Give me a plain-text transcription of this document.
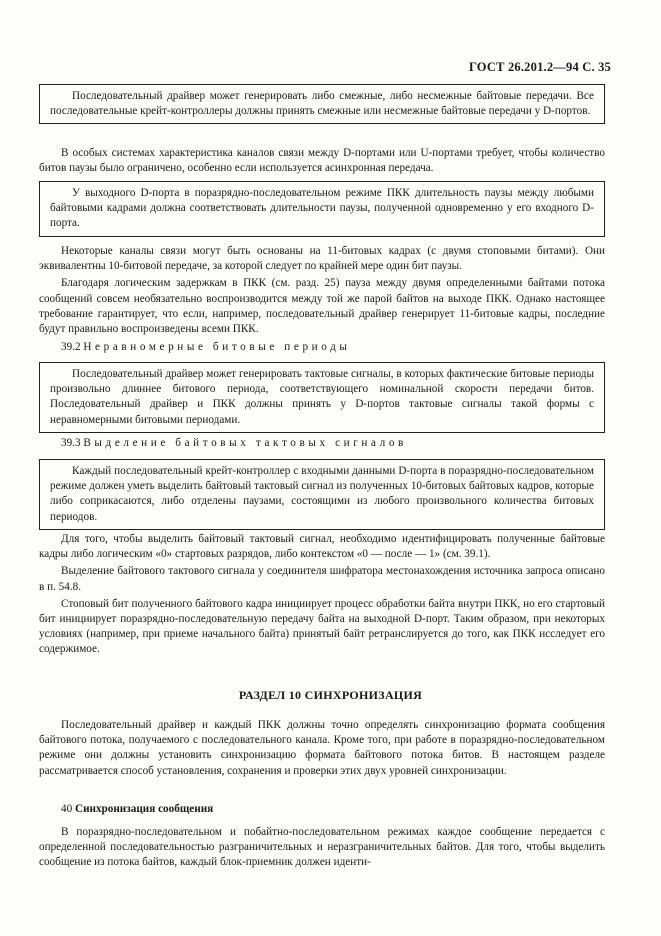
ГОСТ 26.201.2—94 С. 35

Последовательный драйвер может генерировать либо смежные, либо несмежные байтовые передачи. Все последовательные крейт-контроллеры должны принять смежные или несмежные байтовые передачи у D-портов.

В особых системах характеристика каналов связи между D-портами или U-портами требует, чтобы количество битов паузы было ограничено, особенно если используется асинхронная передача.

У выходного D-порта в поразрядно-последовательном режиме ПКК длительность паузы между любыми байтовыми кадрами должна соответствовать длительности паузы, полученной одновременно у его входного D-порта.

Некоторые каналы связи могут быть основаны на 11-битовых кадрах (с двумя стоповыми битами). Они эквивалентны 10-битовой передаче, за которой следует по крайней мере один бит паузы.

Благодаря логическим задержкам в ПКК (см. разд. 25) пауза между двумя определенными байтами потока сообщений совсем необязательно воспроизводится между той же парой байтов на выходе ПКК. Однако настоящее требование гарантирует, что если, например, последовательный драйвер генерирует 11-битовые кадры, последние будут правильно воспроизведены всеми ПКК.

39.2 Неравномерные битовые периоды

Последовательный драйвер может генерировать тактовые сигналы, в которых фактические битовые периоды произвольно длиннее битового периода, соответствующего номинальной скорости передачи битов. Последовательный драйвер и ПКК должны принять у D-портов тактовые сигналы такой формы с неравномерными битовыми периодами.

39.3 Выделение байтовых тактовых сигналов

Каждый последовательный крейт-контроллер с входными данными D-порта в поразрядно-последовательном режиме должен уметь выделить байтовый тактовый сигнал из полученных 10-битовых байтовых кадров, которые либо соприкасаются, либо отделены паузами, состоящими из любого произвольного количества битовых периодов.

Для того, чтобы выделить байтовый тактовый сигнал, необходимо идентифицировать полученные байтовые кадры либо логическим «0» стартовых разрядов, либо контекстом «0 — после — 1» (см. 39.1).

Выделение байтового тактового сигнала у соединителя шифратора местонахождения источника запроса описано в п. 54.8.

Стоповый бит полученного байтового кадра инициирует процесс обработки байта внутри ПКК, но его стартовый бит инициирует поразрядно-последовательную передачу байта на выходной D-порт. Таким образом, при некоторых условиях (например, при приеме начального байта) принятый байт ретранслируется до того, как ПКК исследует его содержимое.

РАЗДЕЛ 10 СИНХРОНИЗАЦИЯ

Последовательный драйвер и каждый ПКК должны точно определять синхронизацию формата сообщения байтового потока, получаемого с последовательного канала. Кроме того, при работе в поразрядно-последовательном режиме они должны установить синхронизацию формата байтового потока битов. В настоящем разделе рассматривается способ установления, сохранения и проверки этих двух уровней синхронизации.

40 Синхронизация сообщения

В поразрядно-последовательном и побайтно-последовательном режимах каждое сообщение передается с определенной последовательностью разграничительных и неразграничительных байтов. Для того, чтобы выделить сообщение из потока байтов, каждый блок-приемник должен иденти-
